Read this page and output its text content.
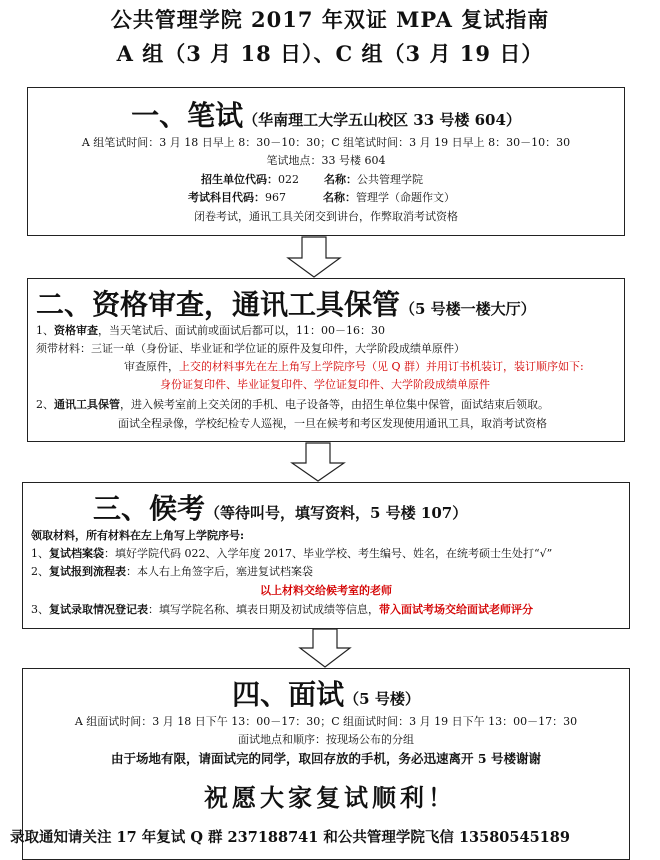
公共管理学院 2017 年双证 MPA 复试指南
A 组（3 月 18 日）、C 组（3 月 19 日）
一、笔试（华南理工大学五山校区 33 号楼 604）
A 组笔试时间：3 月 18 日早上 8：30－10：30；C 组笔试时间：3 月 19 日早上 8：30－10：30
笔试地点：33 号楼 604
招生单位代码：022 名称：公共管理学院
考试科目代码：967	名称：管理学（命题作文）
闭卷考试，通讯工具关闭交到讲台，作弊取消考试资格
二、资格审查，通讯工具保管（5 号楼一楼大厅）
1、资格审查，当天笔试后、面试前或面试后都可以，11：00－16：30
须带材料：三证一单（身份证、毕业证和学位证的原件及复印件，大学阶段成绩单原件）
审查原件，上交的材料事先在左上角写上学院序号（见 Q 群）并用订书机装订，装订顺序如下:
身份证复印件、毕业证复印件、学位证复印件、大学阶段成绩单原件
2、通讯工具保管，进入候考室前上交关闭的手机、电子设备等，由招生单位集中保管，面试结束后领取。
面试全程录像，学校纪检专人巡视，一旦在候考和考区发现使用通讯工具，取消考试资格
三、候考（等待叫号，填写资料，5 号楼 107）
领取材料，所有材料在左上角写上学院序号:
1、复试档案袋：填好学院代码 022、入学年度 2017、毕业学校、考生编号、姓名，在统考硕士生处打“√”
2、复试报到流程表：本人右上角签字后，塞进复试档案袋
以上材料交给候考室的老师
3、复试录取情况登记表：填写学院名称、填表日期及初试成绩等信息，带入面试考场交给面试老师评分
四、面试（5 号楼）
A 组面试时间：3 月 18 日下午 13：00－17：30；C 组面试时间：3 月 19 日下午 13：00－17：30
面试地点和顺序：按现场公布的分组
由于场地有限，请面试完的同学，取回存放的手机，务必迅速离开 5 号楼谢谢
祝愿大家复试顺利！
录取通知请关注 17 年复试 Q 群 237188741 和公共管理学院飞信 13580545189
